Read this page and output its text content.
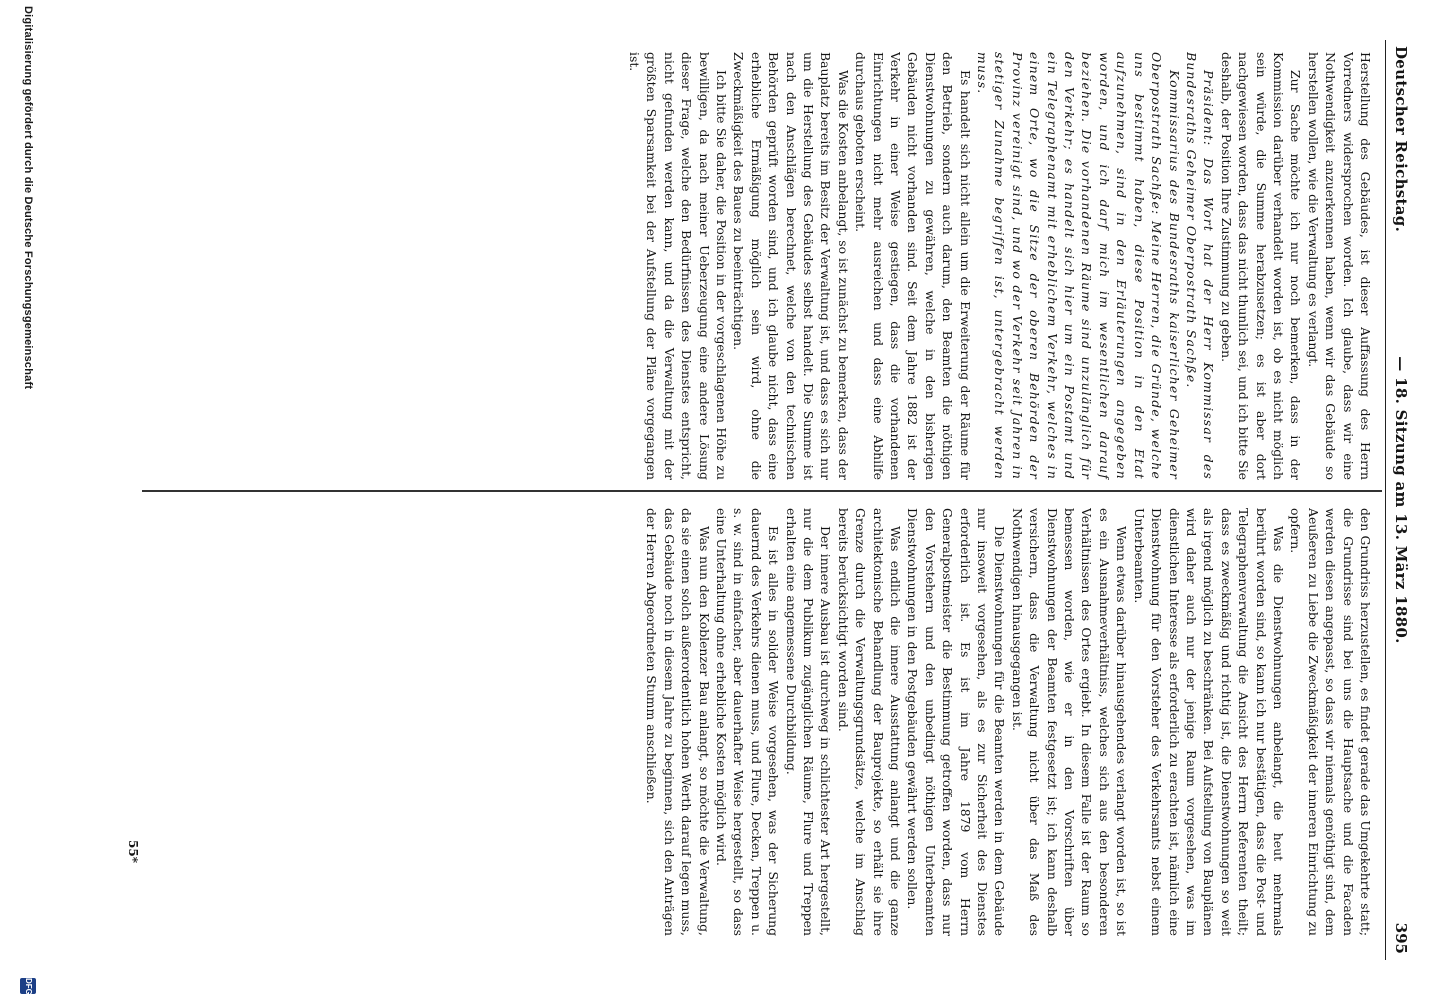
Deutscher Reichstag.
— 18. Sitzung am 13. März 1880.
395

Herstellung des Gebäudes, ist dieser Auffassung des Herrn Vorredners widersprochen worden. Ich glaube, dass wir eine Nothwendigkeit anzuerkennen haben, wenn wir das Gebäude so herstellen wollen, wie die Verwaltung es verlangt.

Zur Sache möchte ich nur noch bemerken, dass in der Kommission darüber verhandelt worden ist, ob es nicht möglich sein würde, die Summe herabzusetzen; es ist aber dort nachgewiesen worden, dass das nicht thunlich sei, und ich bitte Sie deshalb, der Position Ihre Zustimmung zu geben.

Präsident: Das Wort hat der Herr Kommissar des Bundesraths Geheimer Oberpostrath Sachße.

Kommissarius des Bundesraths kaiserlicher Geheimer Oberpostrath Sachße: Meine Herren, die Gründe, welche uns bestimmt haben, diese Position in den Etat aufzunehmen, sind in den Erläuterungen angegeben worden, und ich darf mich im wesentlichen darauf beziehen. Die vorhandenen Räume sind unzulänglich für den Verkehr; es handelt sich hier um ein Postamt und ein Telegraphenamt mit erheblichem Verkehr, welches in einem Orte, wo die Sitze der oberen Behörden der Provinz vereinigt sind, und wo der Verkehr seit Jahren in stetiger Zunahme begriffen ist, untergebracht werden muss.

Es handelt sich nicht allein um die Erweiterung der Räume für den Betrieb, sondern auch darum, den Beamten die nöthigen Dienstwohnungen zu gewähren, welche in den bisherigen Gebäuden nicht vorhanden sind. Seit dem Jahre 1882 ist der Verkehr in einer Weise gestiegen, dass die vorhandenen Einrichtungen nicht mehr ausreichen und dass eine Abhilfe durchaus geboten erscheint.

Was die Kosten anbelangt, so ist zunächst zu bemerken, dass der Bauplatz bereits im Besitz der Verwaltung ist, und dass es sich nur um die Herstellung des Gebäudes selbst handelt. Die Summe ist nach den Anschlägen berechnet, welche von den technischen Behörden geprüft worden sind, und ich glaube nicht, dass eine erhebliche Ermäßigung möglich sein wird, ohne die Zweckmäßigkeit des Baues zu beeinträchtigen.

Ich bitte Sie daher, die Position in der vorgeschlagenen Höhe zu bewilligen, da nach meiner Ueberzeugung eine andere Lösung dieser Frage, welche den Bedürfnissen des Dienstes entspricht, nicht gefunden werden kann, und da die Verwaltung mit der größten Sparsamkeit bei der Aufstellung der Pläne vorgegangen ist.

den Grundriss herzustellen, es findet gerade das Umgekehrte statt; die Grundrisse sind bei uns die Hauptsache und die Facaden werden diesen angepasst, so dass wir niemals genöthigt sind, dem Aeußeren zu Liebe die Zweckmäßigkeit der inneren Einrichtung zu opfern.

Was die Dienstwohnungen anbelangt, die heut mehrmals berührt worden sind, so kann ich nur bestätigen, dass die Post- und Telegraphenverwaltung die Ansicht des Herrn Referenten theilt; dass es zweckmäßig und richtig ist, die Dienstwohnungen so weit als irgend möglich zu beschränken. Bei Aufstellung von Bauplänen wird daher auch nur der jenige Raum vorgesehen, was im dienstlichen Interesse als erforderlich zu erachten ist, nämlich eine Dienstwohnung für den Vorsteher des Verkehrsamts nebst einem Unterbeamten.

Wenn etwas darüber hinausgehendes verlangt worden ist, so ist es ein Ausnahmeverhältniss, welches sich aus den besonderen Verhältnissen des Ortes ergiebt. In diesem Falle ist der Raum so bemessen worden, wie er in den Vorschriften über Dienstwohnungen der Beamten festgesetzt ist; ich kann deshalb versichern, dass die Verwaltung nicht über das Maß des Nothwendigen hinausgegangen ist.

Die Dienstwohnungen für die Beamten werden in dem Gebäude nur insoweit vorgesehen, als es zur Sicherheit des Dienstes erforderlich ist. Es ist im Jahre 1879 vom Herrn Generalpostmeister die Bestimmung getroffen worden, dass nur den Vorstehern und den unbedingt nöthigen Unterbeamten Dienstwohnungen in den Postgebäuden gewährt werden sollen.

Was endlich die innere Ausstattung anlangt und die ganze architektonische Behandlung der Bauprojekte, so erhält sie ihre Grenze durch die Verwaltungsgrundsätze, welche im Anschlag bereits berücksichtigt worden sind.

Der innere Ausbau ist durchweg in schlichtester Art hergestellt, nur die dem Publikum zugänglichen Räume, Flure und Treppen erhalten eine angemessene Durchbildung.

Es ist alles in solider Weise vorgesehen, was der Sicherung dauernd des Verkehrs dienen muss, und Flure, Decken, Treppen u. s. w. sind in einfacher, aber dauerhafter Weise hergestellt, so dass eine Unterhaltung ohne erhebliche Kosten möglich wird.

Was nun den Koblenzer Bau anlangt, so möchte die Verwaltung, da sie einen solch außerordentlich hohen Werth darauf legen muss, das Gebäude noch in diesem Jahre zu beginnen, sich den Anträgen der Herren Abgeordneten Stumm anschließen.

55*
Digitalisierung gefördert durch die Deutsche Forschungsgemeinschaft
DFG
